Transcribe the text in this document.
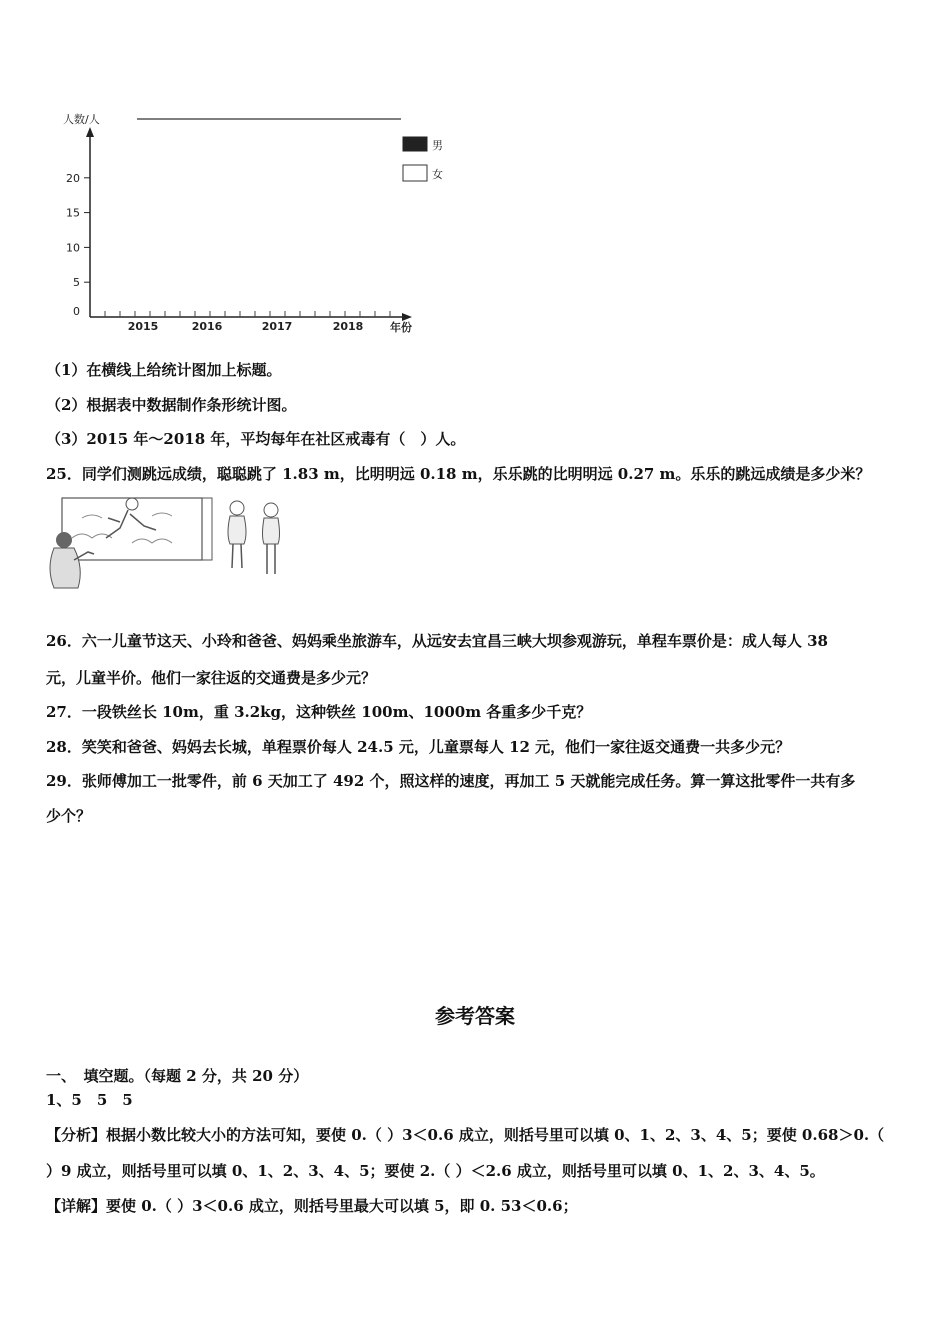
人数/人
0
5
10
15
20
2015	2016	2017	2018 年份
男
女
（1）在横线上给统计图加上标题。
（2）根据表中数据制作条形统计图。
（3）2015 年～2018 年，平均每年在社区戒毒有（　）人。
25．同学们测跳远成绩，聪聪跳了 1.83 m，比明明远 0.18 m，乐乐跳的比明明远 0.27 m。乐乐的跳远成绩是多少米？
26．六一儿童节这天、小玲和爸爸、妈妈乘坐旅游车，从远安去宜昌三峡大坝参观游玩，单程车票价是：成人每人 38
元，儿童半价。他们一家往返的交通费是多少元？
27．一段铁丝长 10m，重 3.2kg，这种铁丝 100m、1000m 各重多少千克？
28．笑笑和爸爸、妈妈去长城，单程票价每人 24.5 元，儿童票每人 12 元，他们一家往返交通费一共多少元？
29．张师傅加工一批零件，前 6 天加工了 492 个，照这样的速度，再加工 5 天就能完成任务。算一算这批零件一共有多
少个？
参考答案
一、　填空题。（每题 2 分，共 20 分）
1、5　5　5
【分析】根据小数比较大小的方法可知，要使 0.（ ）3＜0.6 成立，则括号里可以填 0、1、2、3、4、5；要使 0.68＞0.（
）9 成立，则括号里可以填 0、1、2、3、4、5；要使 2.（ ）＜2.6 成立，则括号里可以填 0、1、2、3、4、5。
【详解】要使 0.（ ）3＜0.6 成立，则括号里最大可以填 5，即 0. 53＜0.6；
